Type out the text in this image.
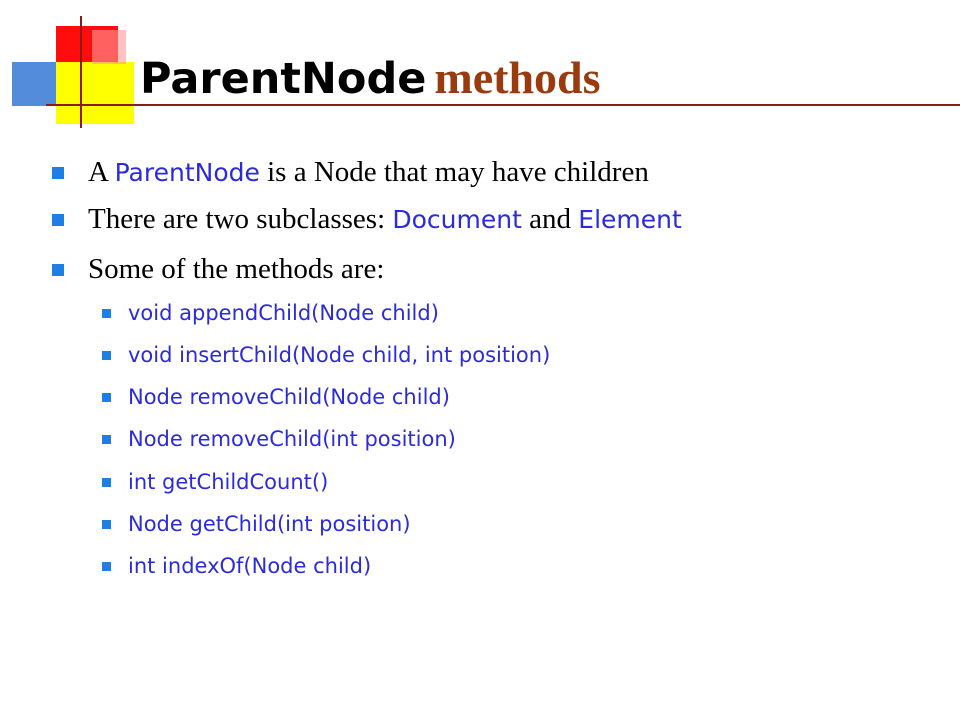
ParentNode methods
A ParentNode is a Node that may have children
There are two subclasses: Document and Element
Some of the methods are:
void appendChild(Node child)
void insertChild(Node child, int position)
Node removeChild(Node child)
Node removeChild(int position)
int getChildCount()
Node getChild(int position)
int indexOf(Node child)
